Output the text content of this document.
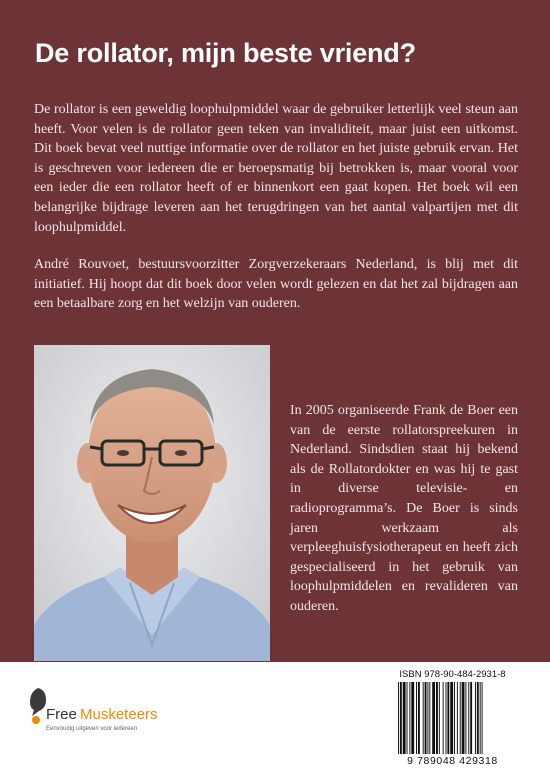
De rollator, mijn beste vriend?

De rollator is een geweldig loophulpmiddel waar de gebruiker letterlijk veel steun aan heeft. Voor velen is de rollator geen teken van invaliditeit, maar juist een uitkomst. Dit boek bevat veel nuttige informatie over de rollator en het juiste gebruik ervan. Het is geschreven voor iedereen die er beroepsmatig bij betrokken is, maar vooral voor een ieder die een rollator heeft of er binnenkort een gaat kopen. Het boek wil een belangrijke bijdrage leveren aan het terugdringen van het aantal valpartijen met dit loophulpmiddel.

André Rouvoet, bestuursvoorzitter Zorgverzekeraars Nederland, is blij met dit initiatief. Hij hoopt dat dit boek door velen wordt gelezen en dat het zal bijdragen aan een betaalbare zorg en het welzijn van ouderen.

In 2005 organiseerde Frank de Boer een van de eerste rollatorspreekuren in Nederland. Sindsdien staat hij bekend als de Rollatordokter en was hij te gast in diverse televisie- en radioprogramma’s. De Boer is sinds jaren werkzaam als verpleeghuisfysiotherapeut en heeft zich gespecialiseerd in het gebruik van loophulpmiddelen en revalideren van ouderen.

Free Musketeers
Eenvoudig uitgeven voor iedereen
ISBN 978-90-484-2931-8
9 789048 429318
